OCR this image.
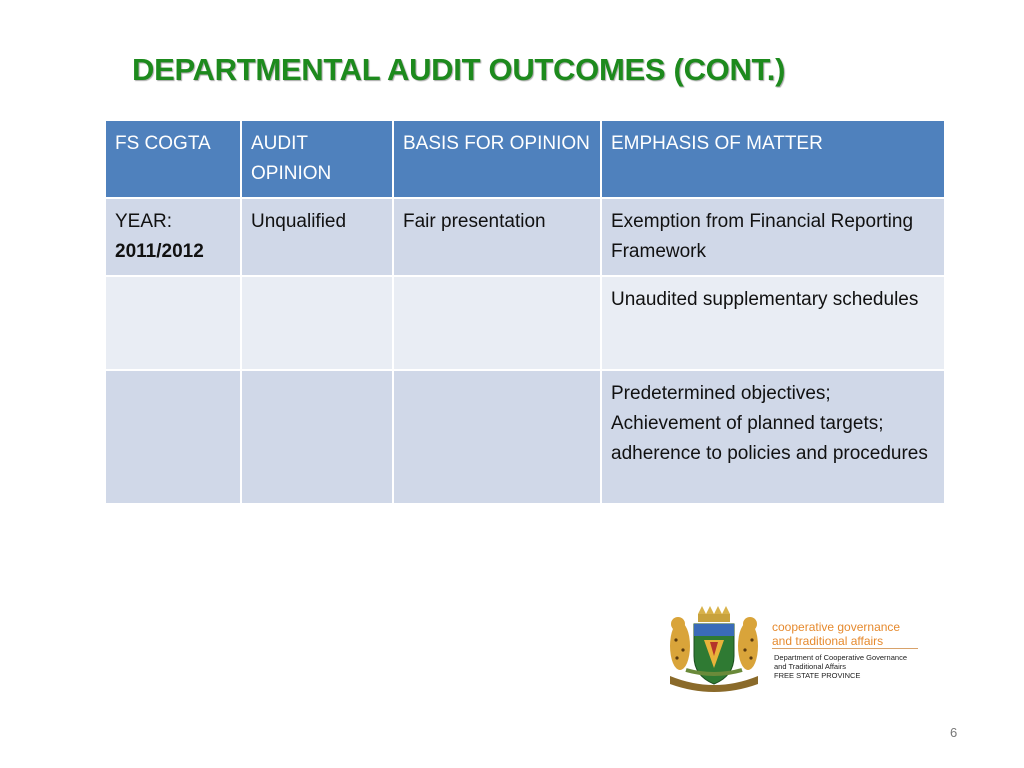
DEPARTMENTAL AUDIT OUTCOMES (CONT.)
FS COGTA	AUDIT OPINION	BASIS FOR OPINION	EMPHASIS OF MATTER

YEAR:
2011/2012	Unqualified	Fair presentation	Exemption from Financial Reporting Framework
			Unaudited supplementary schedules
			Predetermined objectives; Achievement of planned targets; adherence to policies and procedures
cooperative governance
and traditional affairs
Department of Cooperative Governance
and Traditional Affairs
FREE STATE PROVINCE
6
